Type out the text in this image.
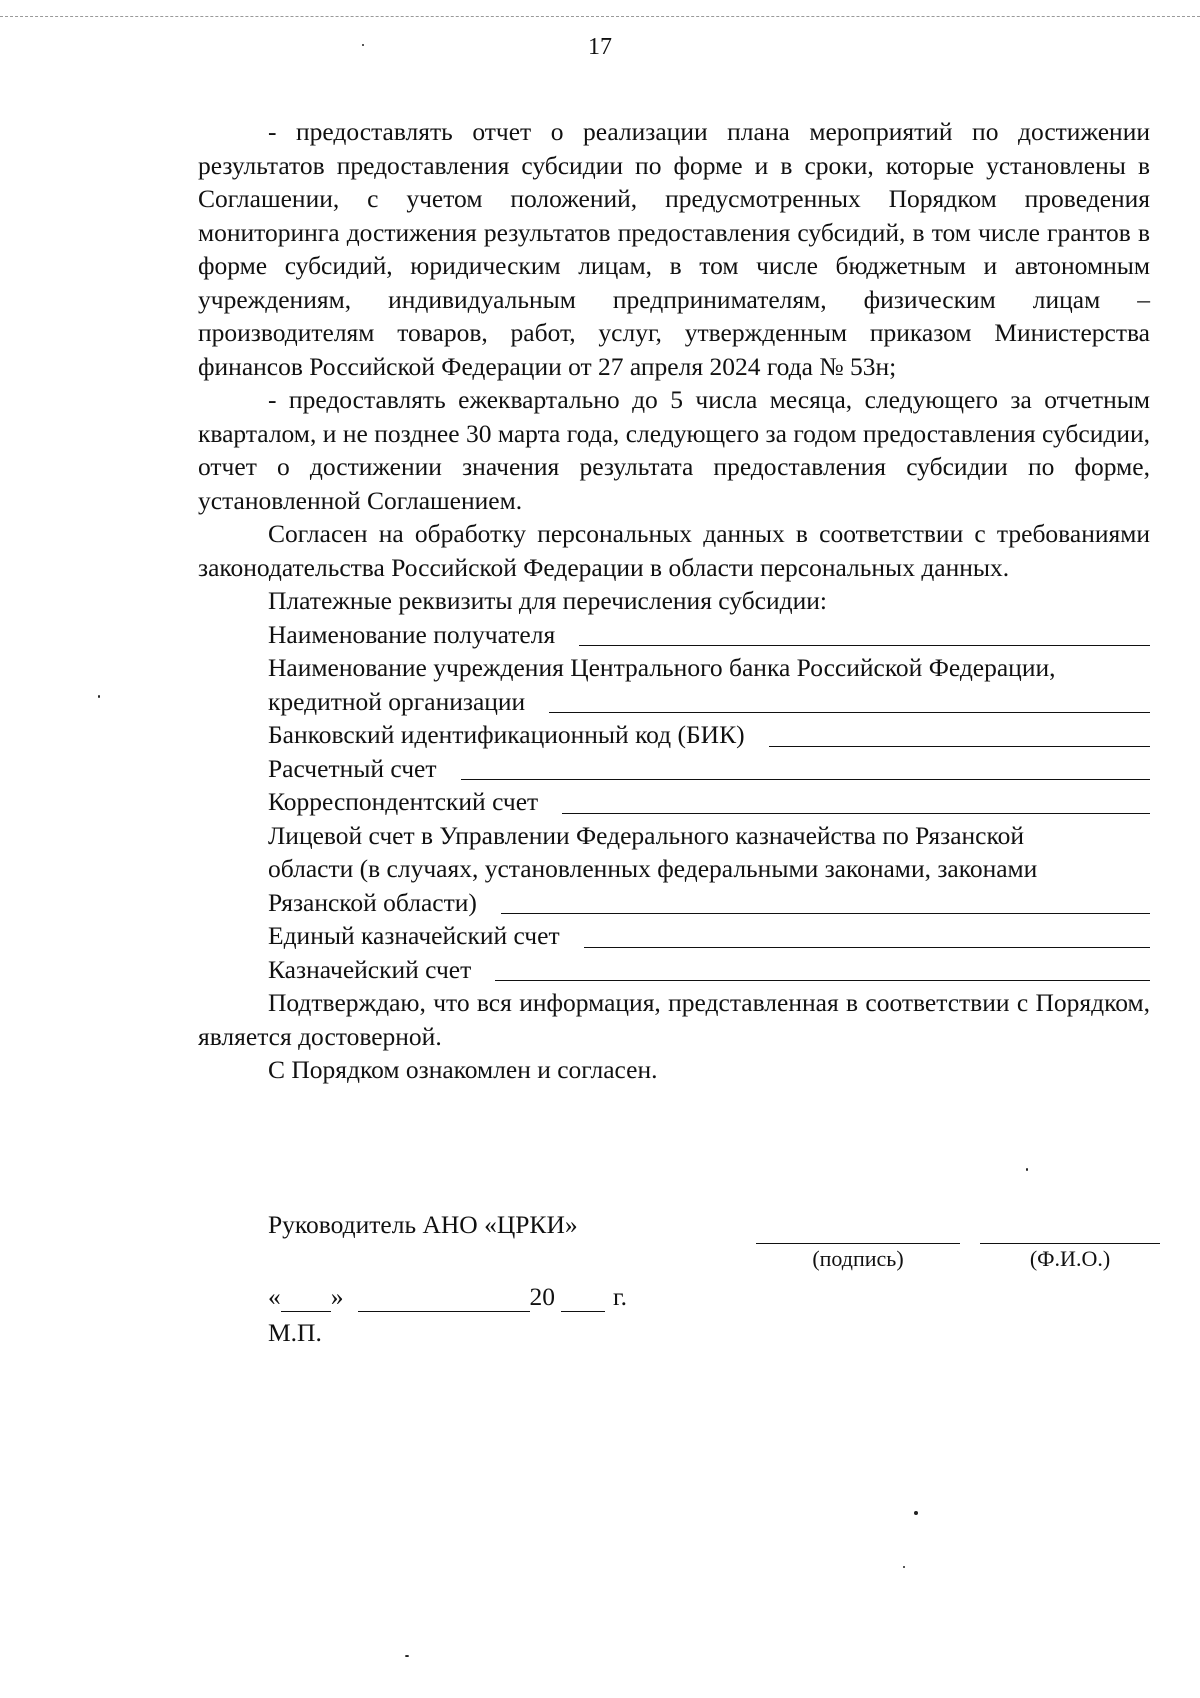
17

- предоставлять отчет о реализации плана мероприятий по достижении результатов предоставления субсидии по форме и в сроки, которые установлены в Соглашении, с учетом положений, предусмотренных Порядком проведения мониторинга достижения результатов предоставления субсидий, в том числе грантов в форме субсидий, юридическим лицам, в том числе бюджетным и автономным учреждениям, индивидуальным предпринимателям, физическим лицам – производителям товаров, работ, услуг, утвержденным приказом Министерства финансов Российской Федерации от 27 апреля 2024 года № 53н;

- предоставлять ежеквартально до 5 числа месяца, следующего за отчетным кварталом, и не позднее 30 марта года, следующего за годом предоставления субсидии, отчет о достижении значения результата предоставления субсидии по форме, установленной Соглашением.

Согласен на обработку персональных данных в соответствии с требованиями законодательства Российской Федерации в области персональных данных.

Платежные реквизиты для перечисления субсидии:

Наименование получателя
Наименование учреждения Центрального банка Российской Федерации,
кредитной организации
Банковский идентификационный код (БИК)
Расчетный счет
Корреспондентский счет
Лицевой счет в Управлении Федерального казначейства по Рязанской
области (в случаях, установленных федеральными законами, законами
Рязанской области)
Единый казначейский счет
Казначейский счет

Подтверждаю, что вся информация, представленная в соответствии с Порядком, является достоверной.

С Порядком ознакомлен и согласен.

Руководитель АНО «ЦРКИ»
(подпись)	(Ф.И.О.)
« »	20 г.
М.П.
